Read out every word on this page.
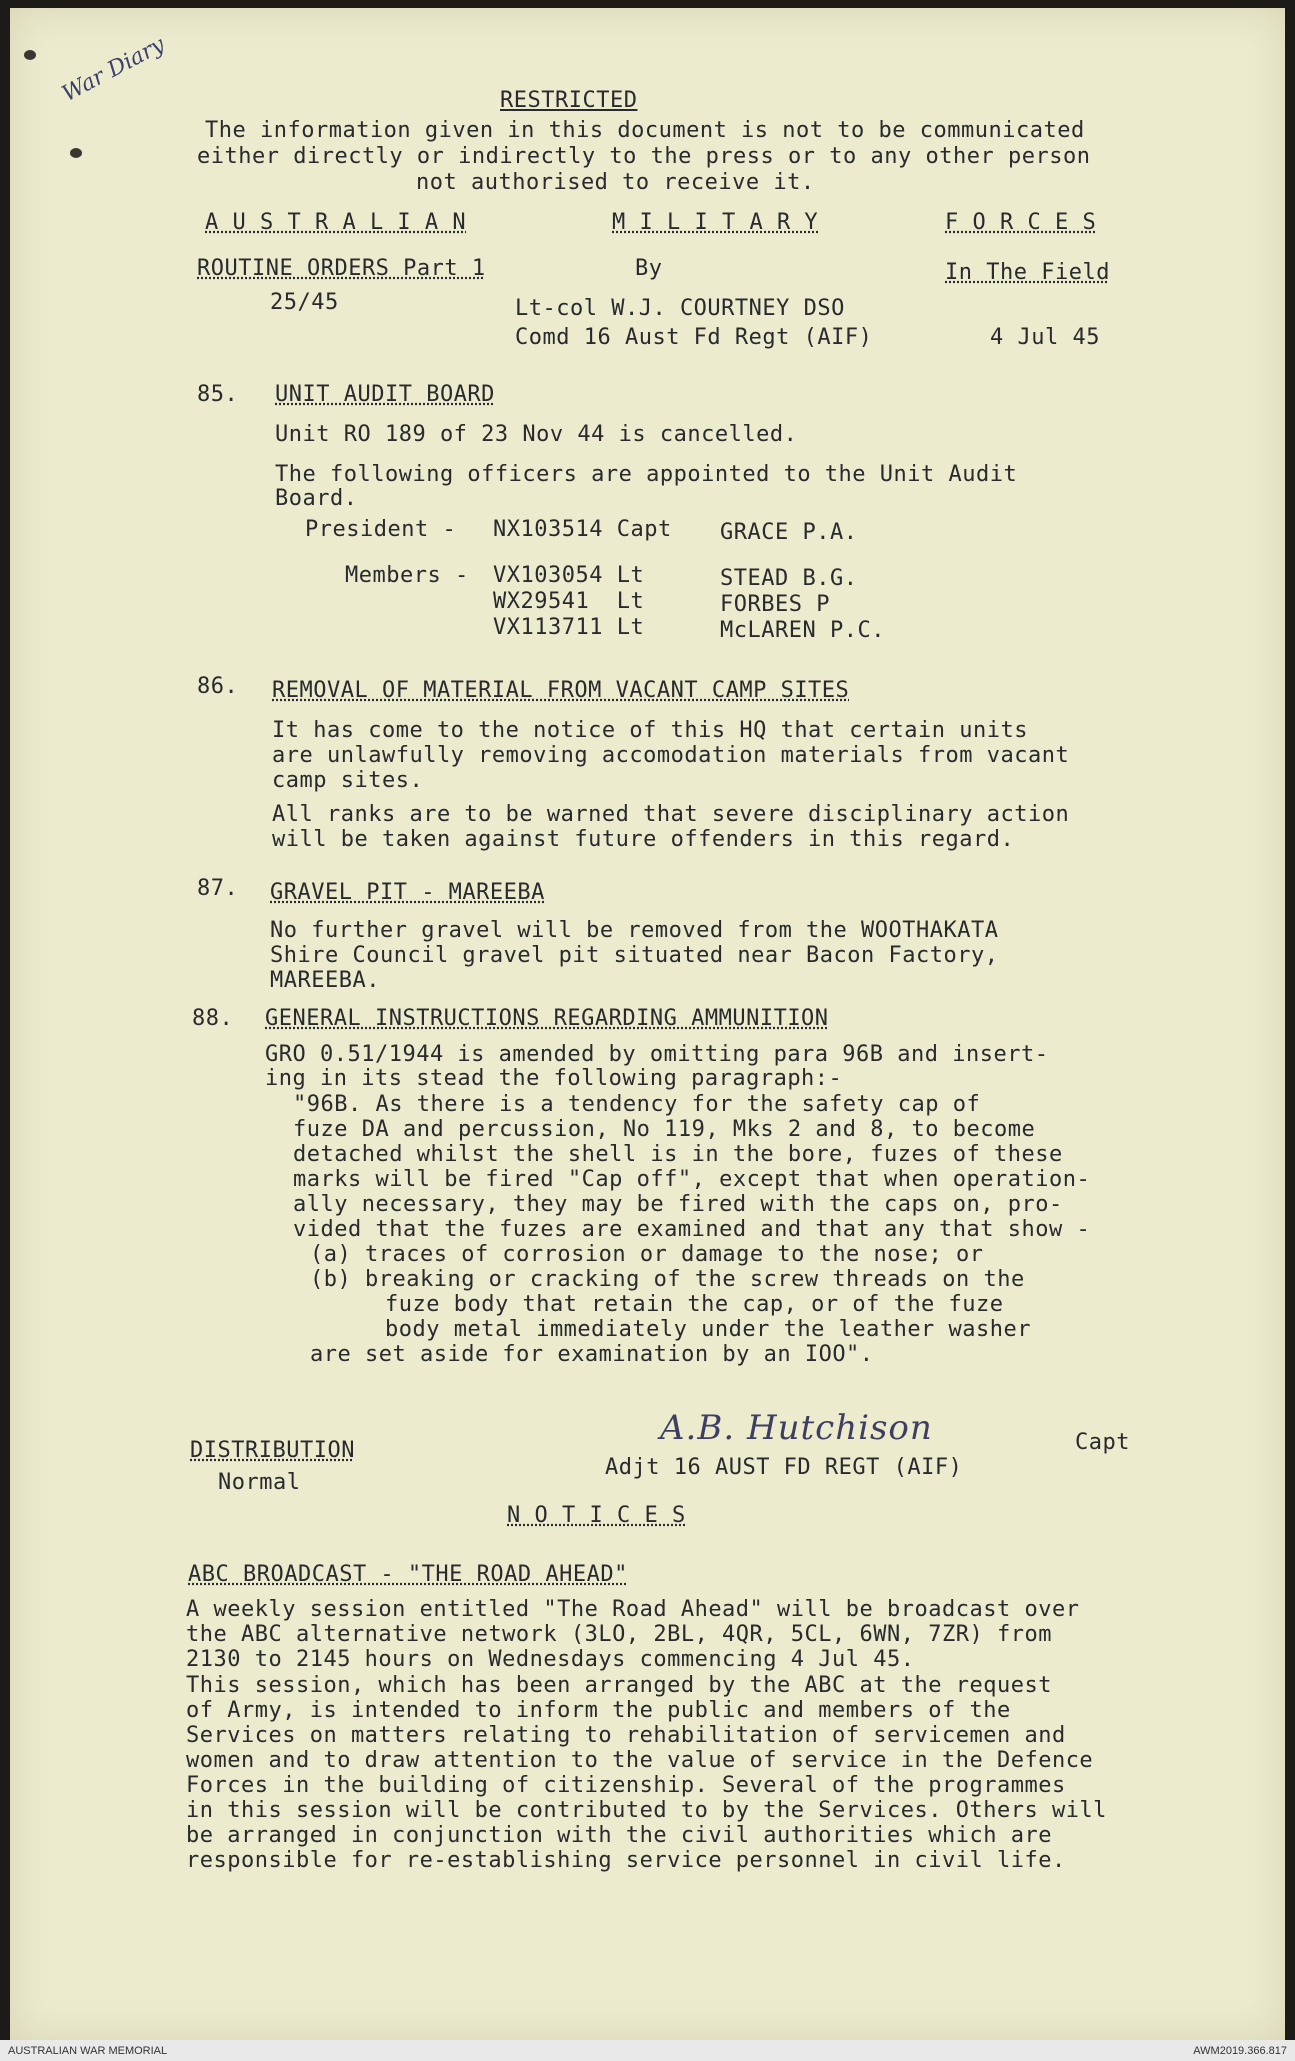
War Diary	RESTRICTED
The information given in this document is not to be communicated
either directly or indirectly to the press or to any other person
not authorised to receive it.
A U S T R A L I A N	M I L I T A R Y	F O R C E S
ROUTINE ORDERS Part 1	By	In The Field
25/45	Lt-col W.J. COURTNEY DSO
Comd 16 Aust Fd Regt (AIF)	4 Jul 45
85. UNIT AUDIT BOARD
Unit RO 189 of 23 Nov 44 is cancelled.
The following officers are appointed to the Unit Audit
Board.
President - NX103514 Capt GRACE P.A.
Members - VX103054 Lt	STEAD B.G.
WX29541  Lt	FORBES P
VX113711 Lt	McLAREN P.C.
86. REMOVAL OF MATERIAL FROM VACANT CAMP SITES
It has come to the notice of this HQ that certain units
are unlawfully removing accomodation materials from vacant
camp sites.
All ranks are to be warned that severe disciplinary action
will be taken against future offenders in this regard.
87. GRAVEL PIT - MAREEBA
No further gravel will be removed from the WOOTHAKATA
Shire Council gravel pit situated near Bacon Factory,
MAREEBA.
88. GENERAL INSTRUCTIONS REGARDING AMMUNITION
GRO 0.51/1944 is amended by omitting para 96B and insert-
ing in its stead the following paragraph:-
"96B. As there is a tendency for the safety cap of
fuze DA and percussion, No 119, Mks 2 and 8, to become
detached whilst the shell is in the bore, fuzes of these
marks will be fired "Cap off", except that when operation-
ally necessary, they may be fired with the caps on, pro-
vided that the fuzes are examined and that any that show -
(a) traces of corrosion or damage to the nose; or
(b) breaking or cracking of the screw threads on the
fuze body that retain the cap, or of the fuze
body metal immediately under the leather washer
are set aside for examination by an IOO".
A.B. Hutchison	Capt
Adjt 16 AUST FD REGT (AIF)
DISTRIBUTION
Normal
N O T I C E S
ABC BROADCAST - "THE ROAD AHEAD"
A weekly session entitled "The Road Ahead" will be broadcast over
the ABC alternative network (3LO, 2BL, 4QR, 5CL, 6WN, 7ZR) from
2130 to 2145 hours on Wednesdays commencing 4 Jul 45.
This session, which has been arranged by the ABC at the request
of Army, is intended to inform the public and members of the
Services on matters relating to rehabilitation of servicemen and
women and to draw attention to the value of service in the Defence
Forces in the building of citizenship. Several of the programmes
in this session will be contributed to by the Services. Others will
be arranged in conjunction with the civil authorities which are
responsible for re-establishing service personnel in civil life.
AUSTRALIAN WAR MEMORIAL	AWM2019.366.817
